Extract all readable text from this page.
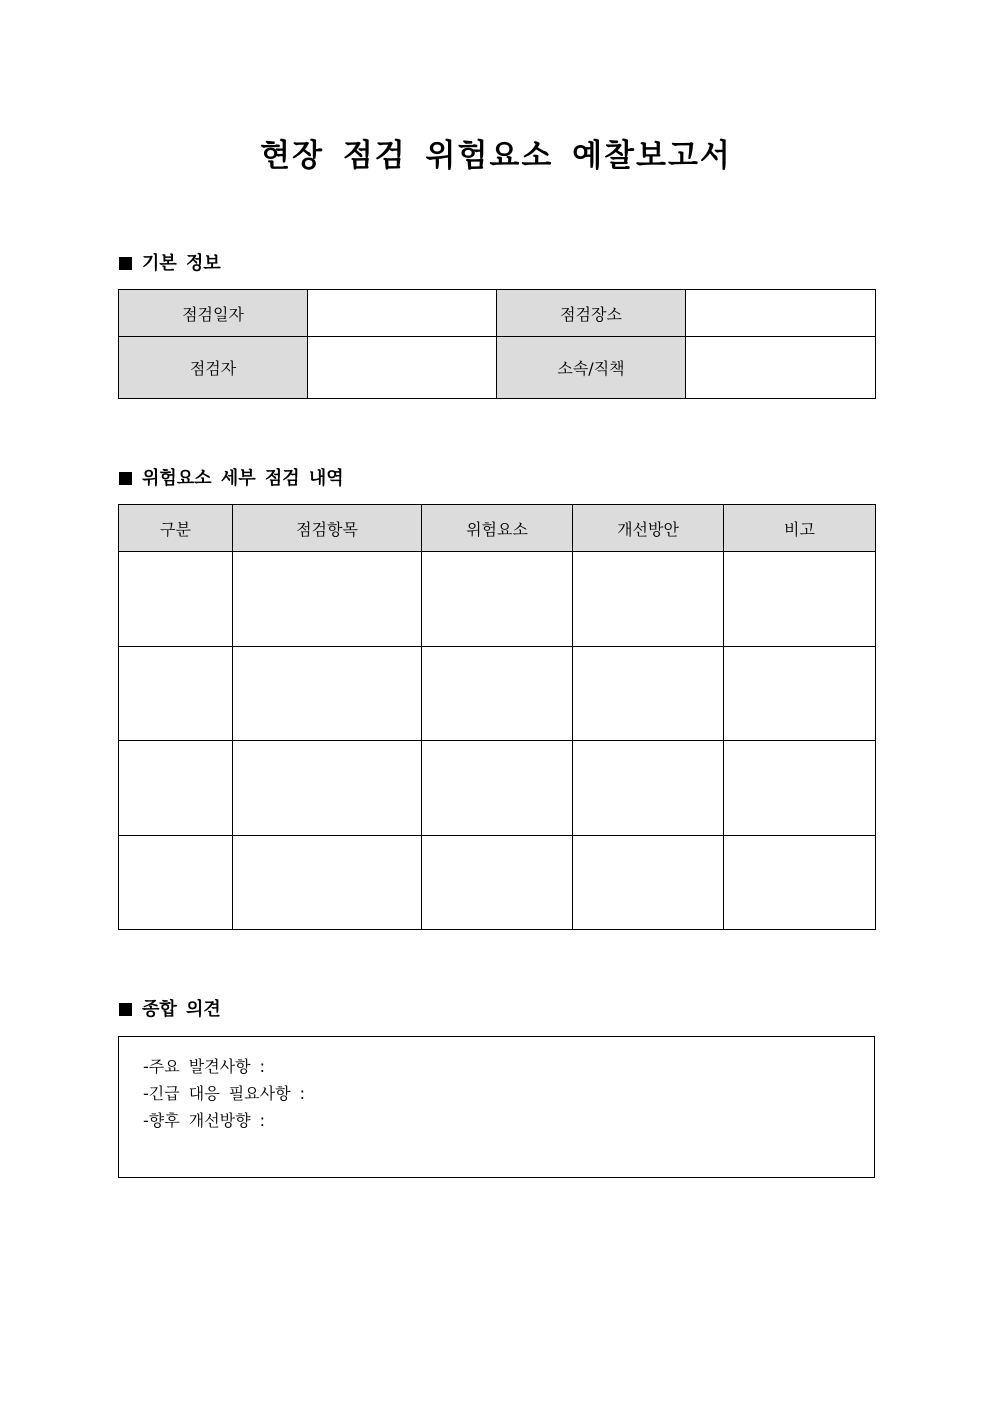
현장 점검 위험요소 예찰보고서
기본 정보
점검일자		점검장소	
점검자		소속/직책	
위험요소 세부 점검 내역
구분	점검항목	위험요소	개선방안	비고

종합 의견
-주요 발견사항 :
-긴급 대응 필요사항 :
-향후 개선방향 :
